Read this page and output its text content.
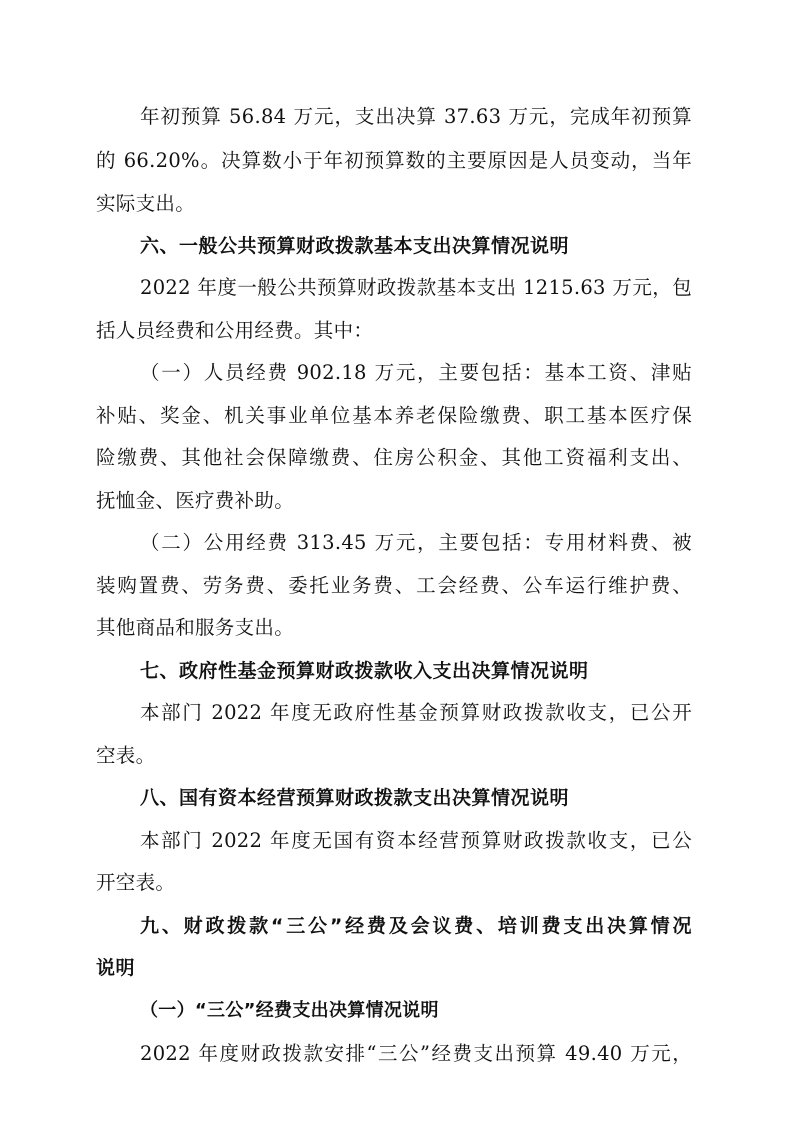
年初预算 56.84 万元，支出决算 37.63 万元，完成年初预算
的 66.20%。决算数小于年初预算数的主要原因是人员变动，当年
实际支出。
六、一般公共预算财政拨款基本支出决算情况说明
2022 年度一般公共预算财政拨款基本支出 1215.63 万元，包
括人员经费和公用经费。其中：
（一）人员经费 902.18 万元，主要包括：基本工资、津贴
补贴、奖金、机关事业单位基本养老保险缴费、职工基本医疗保
险缴费、其他社会保障缴费、住房公积金、其他工资福利支出、
抚恤金、医疗费补助。
（二）公用经费 313.45 万元，主要包括：专用材料费、被
装购置费、劳务费、委托业务费、工会经费、公车运行维护费、
其他商品和服务支出。
七、政府性基金预算财政拨款收入支出决算情况说明
本部门 2022 年度无政府性基金预算财政拨款收支，已公开
空表。
八、国有资本经营预算财政拨款支出决算情况说明
本部门 2022 年度无国有资本经营预算财政拨款收支，已公
开空表。
九、财政拨款“三公”经费及会议费、培训费支出决算情况
说明
（一）“三公”经费支出决算情况说明
2022 年度财政拨款安排“三公”经费支出预算 49.40 万元，
